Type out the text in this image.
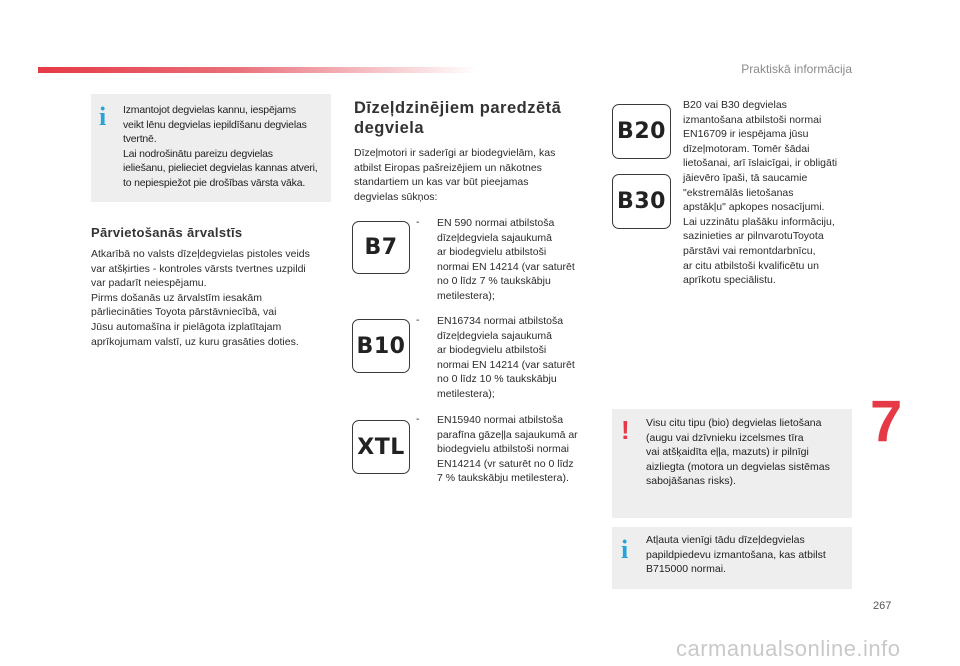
Praktiskā informācija
i Izmantojot degvielas kannu, iespējams
veikt lēnu degvielas iepildīšanu degvielas
tvertnē.
Lai nodrošinātu pareizu degvielas
ieliešanu, pielieciet degvielas kannas atveri,
to nepiespiežot pie drošības vārsta vāka.
Pārvietošanās ārvalstīs
Atkarībā no valsts dīzeļdegvielas pistoles veids
var atšķirties - kontroles vārsts tvertnes uzpildi
var padarīt neiespējamu.
Pirms došanās uz ārvalstīm iesakām
pārliecināties Toyota pārstāvniecībā, vai
Jūsu automašīna ir pielāgota izplatītajam
aprīkojumam valstī, uz kuru grasāties doties.
Dīzeļdzinējiem paredzētā
degviela
Dīzeļmotori ir saderīgi ar biodegvielām, kas
atbilst Eiropas pašreizējiem un nākotnes
standartiem un kas var būt pieejamas
degvielas sūkņos:
B7
- EN 590 normai atbilstoša
dīzeļdegviela sajaukumā
ar biodegvielu atbilstoši
normai EN 14214 (var saturēt
no 0 līdz 7 % taukskābju
metilestera);
B10
- EN16734 normai atbilstoša
dīzeļdegviela sajaukumā
ar biodegvielu atbilstoši
normai EN 14214 (var saturēt
no 0 līdz 10 % taukskābju
metilestera);
XTL
- EN15940 normai atbilstoša
parafīna gāzeļļa sajaukumā ar
biodegvielu atbilstoši normai
EN14214 (vr saturēt no 0 līdz
7 % taukskābju metilestera).
B20
B30
B20 vai B30 degvielas
izmantošana atbilstoši normai
EN16709 ir iespējama jūsu
dīzeļmotoram. Tomēr šādai
lietošanai, arī īslaicīgai, ir obligāti
jāievēro īpaši, tā saucamie
"ekstremālās lietošanas
apstākļu" apkopes nosacījumi.
Lai uzzinātu plašāku informāciju,
sazinieties ar pilnvarotuToyota
pārstāvi vai remontdarbnīcu,
ar citu atbilstoši kvalificētu un
aprīkotu speciālistu.
! Visu citu tipu (bio) degvielas lietošana
(augu vai dzīvnieku izcelsmes tīra
vai atšķaidīta eļļa, mazuts) ir pilnīgi
aizliegta (motora un degvielas sistēmas
sabojāšanas risks).
i Atļauta vienīgi tādu dīzeļdegvielas
papildpiedevu izmantošana, kas atbilst
B715000 normai.
7
267
carmanualsonline.info
